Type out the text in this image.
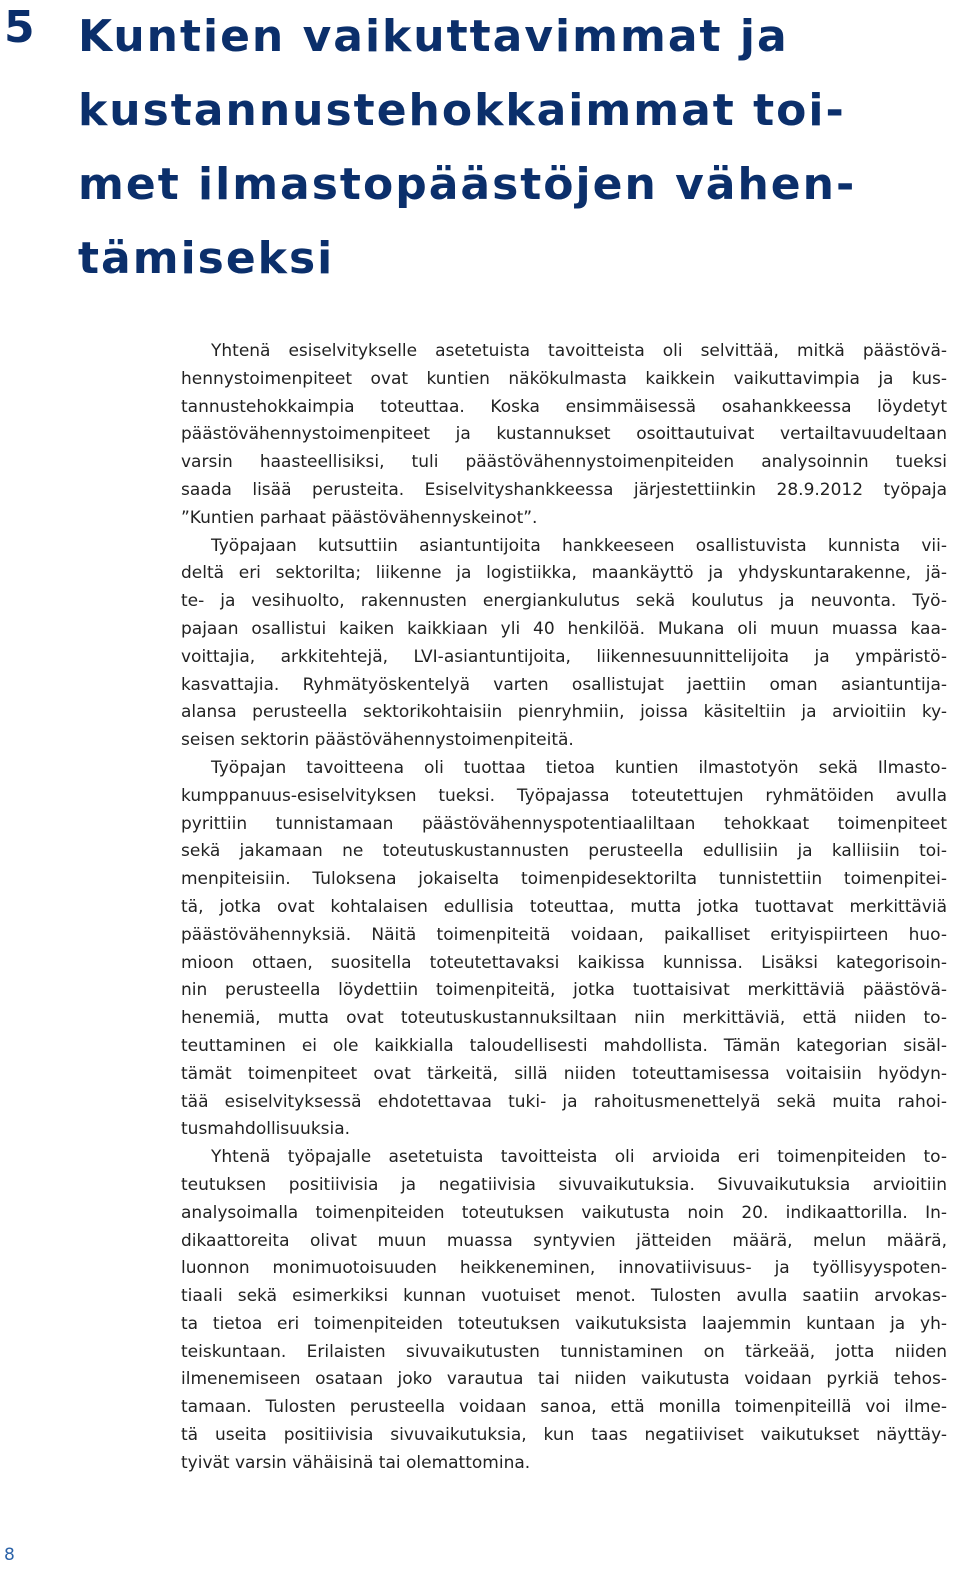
5 Kuntien vaikuttavimmat ja
kustannustehokkaimmat toi-
met ilmastopäästöjen vähen-
tämiseksi

Yhtenä esiselvitykselle asetetuista tavoitteista oli selvittää, mitkä päästövä-
hennystoimenpiteet ovat kuntien näkökulmasta kaikkein vaikuttavimpia ja kus-
tannustehokkaimpia toteuttaa. Koska ensimmäisessä osahankkeessa löydetyt
päästövähennystoimenpiteet ja kustannukset osoittautuivat vertailtavuudeltaan
varsin haasteellisiksi, tuli päästövähennystoimenpiteiden analysoinnin tueksi
saada lisää perusteita. Esiselvityshankkeessa järjestettiinkin 28.9.2012 työpaja
”Kuntien parhaat päästövähennyskeinot”.

Työpajaan kutsuttiin asiantuntijoita hankkeeseen osallistuvista kunnista vii-
deltä eri sektorilta; liikenne ja logistiikka, maankäyttö ja yhdyskuntarakenne, jä-
te- ja vesihuolto, rakennusten energiankulutus sekä koulutus ja neuvonta. Työ-
pajaan osallistui kaiken kaikkiaan yli 40 henkilöä. Mukana oli muun muassa kaa-
voittajia, arkkitehtejä, LVI-asiantuntijoita, liikennesuunnittelijoita ja ympäristö-
kasvattajia. Ryhmätyöskentelyä varten osallistujat jaettiin oman asiantuntija-
alansa perusteella sektorikohtaisiin pienryhmiin, joissa käsiteltiin ja arvioitiin ky-
seisen sektorin päästövähennystoimenpiteitä.

Työpajan tavoitteena oli tuottaa tietoa kuntien ilmastotyön sekä Ilmasto-
kumppanuus-esiselvityksen tueksi. Työpajassa toteutettujen ryhmätöiden avulla
pyrittiin tunnistamaan päästövähennyspotentiaaliltaan tehokkaat toimenpiteet
sekä jakamaan ne toteutuskustannusten perusteella edullisiin ja kalliisiin toi-
menpiteisiin. Tuloksena jokaiselta toimenpidesektorilta tunnistettiin toimenpitei-
tä, jotka ovat kohtalaisen edullisia toteuttaa, mutta jotka tuottavat merkittäviä
päästövähennyksiä. Näitä toimenpiteitä voidaan, paikalliset erityispiirteen huo-
mioon ottaen, suositella toteutettavaksi kaikissa kunnissa. Lisäksi kategorisoin-
nin perusteella löydettiin toimenpiteitä, jotka tuottaisivat merkittäviä päästövä-
henemiä, mutta ovat toteutuskustannuksiltaan niin merkittäviä, että niiden to-
teuttaminen ei ole kaikkialla taloudellisesti mahdollista. Tämän kategorian sisäl-
tämät toimenpiteet ovat tärkeitä, sillä niiden toteuttamisessa voitaisiin hyödyn-
tää esiselvityksessä ehdotettavaa tuki- ja rahoitusmenettelyä sekä muita rahoi-
tusmahdollisuuksia.

Yhtenä työpajalle asetetuista tavoitteista oli arvioida eri toimenpiteiden to-
teutuksen positiivisia ja negatiivisia sivuvaikutuksia. Sivuvaikutuksia arvioitiin
analysoimalla toimenpiteiden toteutuksen vaikutusta noin 20. indikaattorilla. In-
dikaattoreita olivat muun muassa syntyvien jätteiden määrä, melun määrä,
luonnon monimuotoisuuden heikkeneminen, innovatiivisuus- ja työllisyyspoten-
tiaali sekä esimerkiksi kunnan vuotuiset menot. Tulosten avulla saatiin arvokas-
ta tietoa eri toimenpiteiden toteutuksen vaikutuksista laajemmin kuntaan ja yh-
teiskuntaan. Erilaisten sivuvaikutusten tunnistaminen on tärkeää, jotta niiden
ilmenemiseen osataan joko varautua tai niiden vaikutusta voidaan pyrkiä tehos-
tamaan. Tulosten perusteella voidaan sanoa, että monilla toimenpiteillä voi ilme-
tä useita positiivisia sivuvaikutuksia, kun taas negatiiviset vaikutukset näyttäy-
tyivät varsin vähäisinä tai olemattomina.

8
